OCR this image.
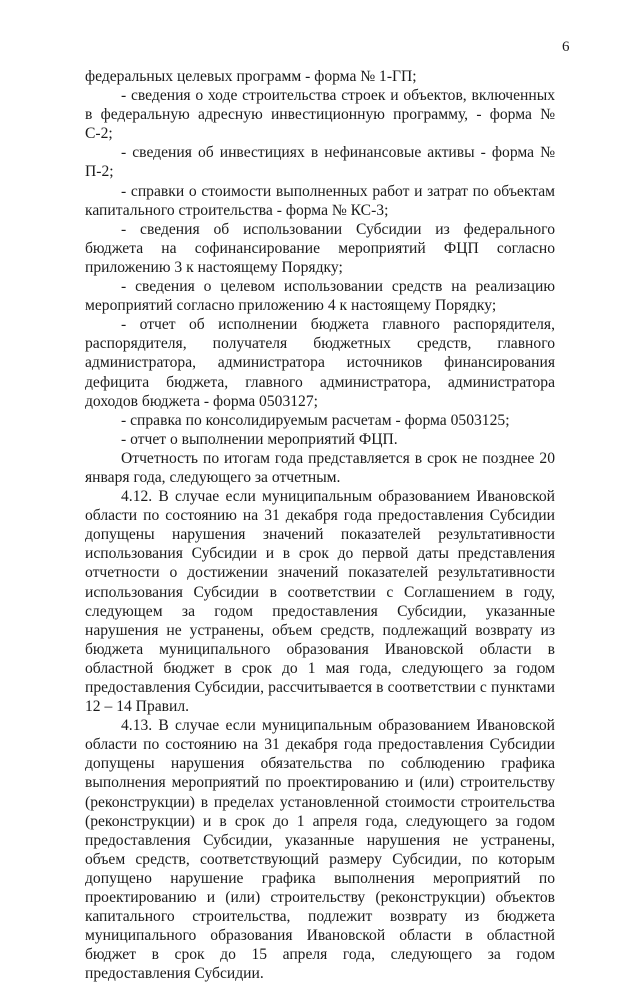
6

федеральных целевых программ - форма № 1-ГП;

- сведения о ходе строительства строек и объектов, включенных в федеральную адресную инвестиционную программу, - форма № С-2;

- сведения об инвестициях в нефинансовые активы - форма № П-2;

- справки о стоимости выполненных работ и затрат по объектам капитального строительства - форма № КС-3;

- сведения об использовании Субсидии из федерального бюджета на софинансирование мероприятий ФЦП согласно приложению 3 к настоящему Порядку;

- сведения о целевом использовании средств на реализацию мероприятий согласно приложению 4 к настоящему Порядку;

- отчет об исполнении бюджета главного распорядителя, распорядителя, получателя бюджетных средств, главного администратора, администратора источников финансирования дефицита бюджета, главного администратора, администратора доходов бюджета - форма 0503127;

- справка по консолидируемым расчетам - форма 0503125;

- отчет о выполнении мероприятий ФЦП.

Отчетность по итогам года представляется в срок не позднее 20 января года, следующего за отчетным.

4.12. В случае если муниципальным образованием Ивановской области по состоянию на 31 декабря года предоставления Субсидии допущены нарушения значений показателей результативности использования Субсидии и в срок до первой даты представления отчетности о достижении значений показателей результативности использования Субсидии в соответствии с Соглашением в году, следующем за годом предоставления Субсидии, указанные нарушения не устранены, объем средств, подлежащий возврату из бюджета муниципального образования Ивановской области в областной бюджет в срок до 1 мая года, следующего за годом предоставления Субсидии, рассчитывается в соответствии с пунктами 12 – 14 Правил.

4.13. В случае если муниципальным образованием Ивановской области по состоянию на 31 декабря года предоставления Субсидии допущены нарушения обязательства по соблюдению графика выполнения мероприятий по проектированию и (или) строительству (реконструкции) в пределах установленной стоимости строительства (реконструкции) и в срок до 1 апреля года, следующего за годом предоставления Субсидии, указанные нарушения не устранены, объем средств, соответствующий размеру Субсидии, по которым допущено нарушение графика выполнения мероприятий по проектированию и (или) строительству (реконструкции) объектов капитального строительства, подлежит возврату из бюджета муниципального образования Ивановской области в областной бюджет в срок до 15 апреля года, следующего за годом предоставления Субсидии.
